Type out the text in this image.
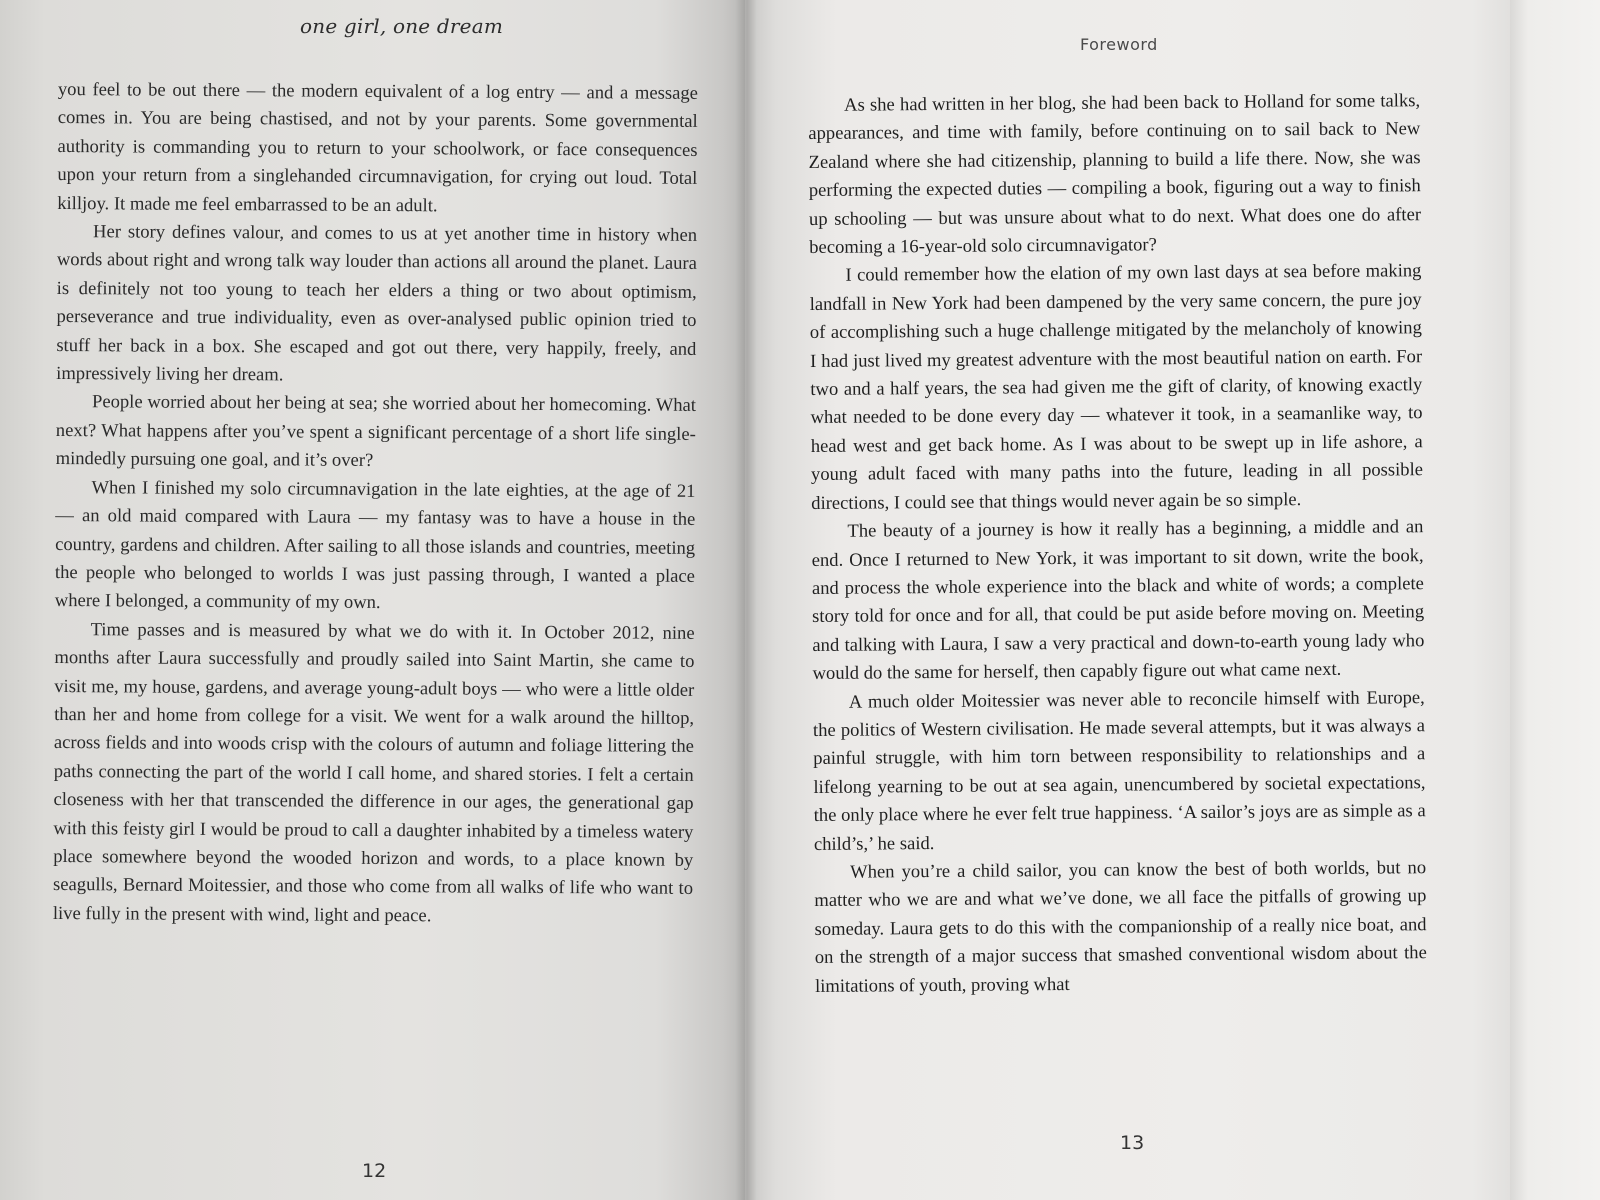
one girl, one dream

you feel to be out there — the modern equivalent of a log entry — and a message comes in. You are being chastised, and not by your parents. Some governmental authority is commanding you to return to your schoolwork, or face consequences upon your return from a singlehanded circumnavigation, for crying out loud. Total killjoy. It made me feel embarrassed to be an adult.

Her story defines valour, and comes to us at yet another time in history when words about right and wrong talk way louder than actions all around the planet. Laura is definitely not too young to teach her elders a thing or two about optimism, perseverance and true individuality, even as over-analysed public opinion tried to stuff her back in a box. She escaped and got out there, very happily, freely, and impressively living her dream.

People worried about her being at sea; she worried about her homecoming. What next? What happens after you’ve spent a significant percentage of a short life single-mindedly pursuing one goal, and it’s over?

When I finished my solo circumnavigation in the late eighties, at the age of 21 — an old maid compared with Laura — my fantasy was to have a house in the country, gardens and children. After sailing to all those islands and countries, meeting the people who belonged to worlds I was just passing through, I wanted a place where I belonged, a community of my own.

Time passes and is measured by what we do with it. In October 2012, nine months after Laura successfully and proudly sailed into Saint Martin, she came to visit me, my house, gardens, and average young-adult boys — who were a little older than her and home from college for a visit. We went for a walk around the hilltop, across fields and into woods crisp with the colours of autumn and foliage littering the paths connecting the part of the world I call home, and shared stories. I felt a certain closeness with her that transcended the difference in our ages, the generational gap with this feisty girl I would be proud to call a daughter inhabited by a timeless watery place somewhere beyond the wooded horizon and words, to a place known by seagulls, Bernard Moitessier, and those who come from all walks of life who want to live fully in the present with wind, light and peace.

12
Foreword
13

As she had written in her blog, she had been back to Holland for some talks, appearances, and time with family, before continuing on to sail back to New Zealand where she had citizenship, planning to build a life there. Now, she was performing the expected duties — compiling a book, figuring out a way to finish up schooling — but was unsure about what to do next. What does one do after becoming a 16-year-old solo circumnavigator?

I could remember how the elation of my own last days at sea before making landfall in New York had been dampened by the very same concern, the pure joy of accomplishing such a huge challenge mitigated by the melancholy of knowing I had just lived my greatest adventure with the most beautiful nation on earth. For two and a half years, the sea had given me the gift of clarity, of knowing exactly what needed to be done every day — whatever it took, in a seamanlike way, to head west and get back home. As I was about to be swept up in life ashore, a young adult faced with many paths into the future, leading in all possible directions, I could see that things would never again be so simple.

The beauty of a journey is how it really has a beginning, a middle and an end. Once I returned to New York, it was important to sit down, write the book, and process the whole experience into the black and white of words; a complete story told for once and for all, that could be put aside before moving on. Meeting and talking with Laura, I saw a very practical and down-to-earth young lady who would do the same for herself, then capably figure out what came next.

A much older Moitessier was never able to reconcile himself with Europe, the politics of Western civilisation. He made several attempts, but it was always a painful struggle, with him torn between responsibility to relationships and a lifelong yearning to be out at sea again, unencumbered by societal expectations, the only place where he ever felt true happiness. ‘A sailor’s joys are as simple as a child’s,’ he said.

When you’re a child sailor, you can know the best of both worlds, but no matter who we are and what we’ve done, we all face the pitfalls of growing up someday. Laura gets to do this with the companionship of a really nice boat, and on the strength of a major success that smashed conventional wisdom about the limitations of youth, proving what
